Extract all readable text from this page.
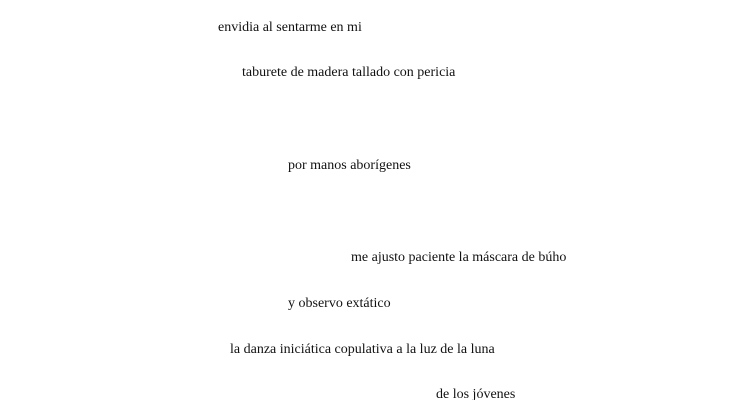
envidia al sentarme en mi

taburete de madera tallado con pericia

por manos aborígenes

me ajusto paciente la máscara de búho

y observo extático

la danza iniciática copulativa a la luz de la luna

de los jóvenes
